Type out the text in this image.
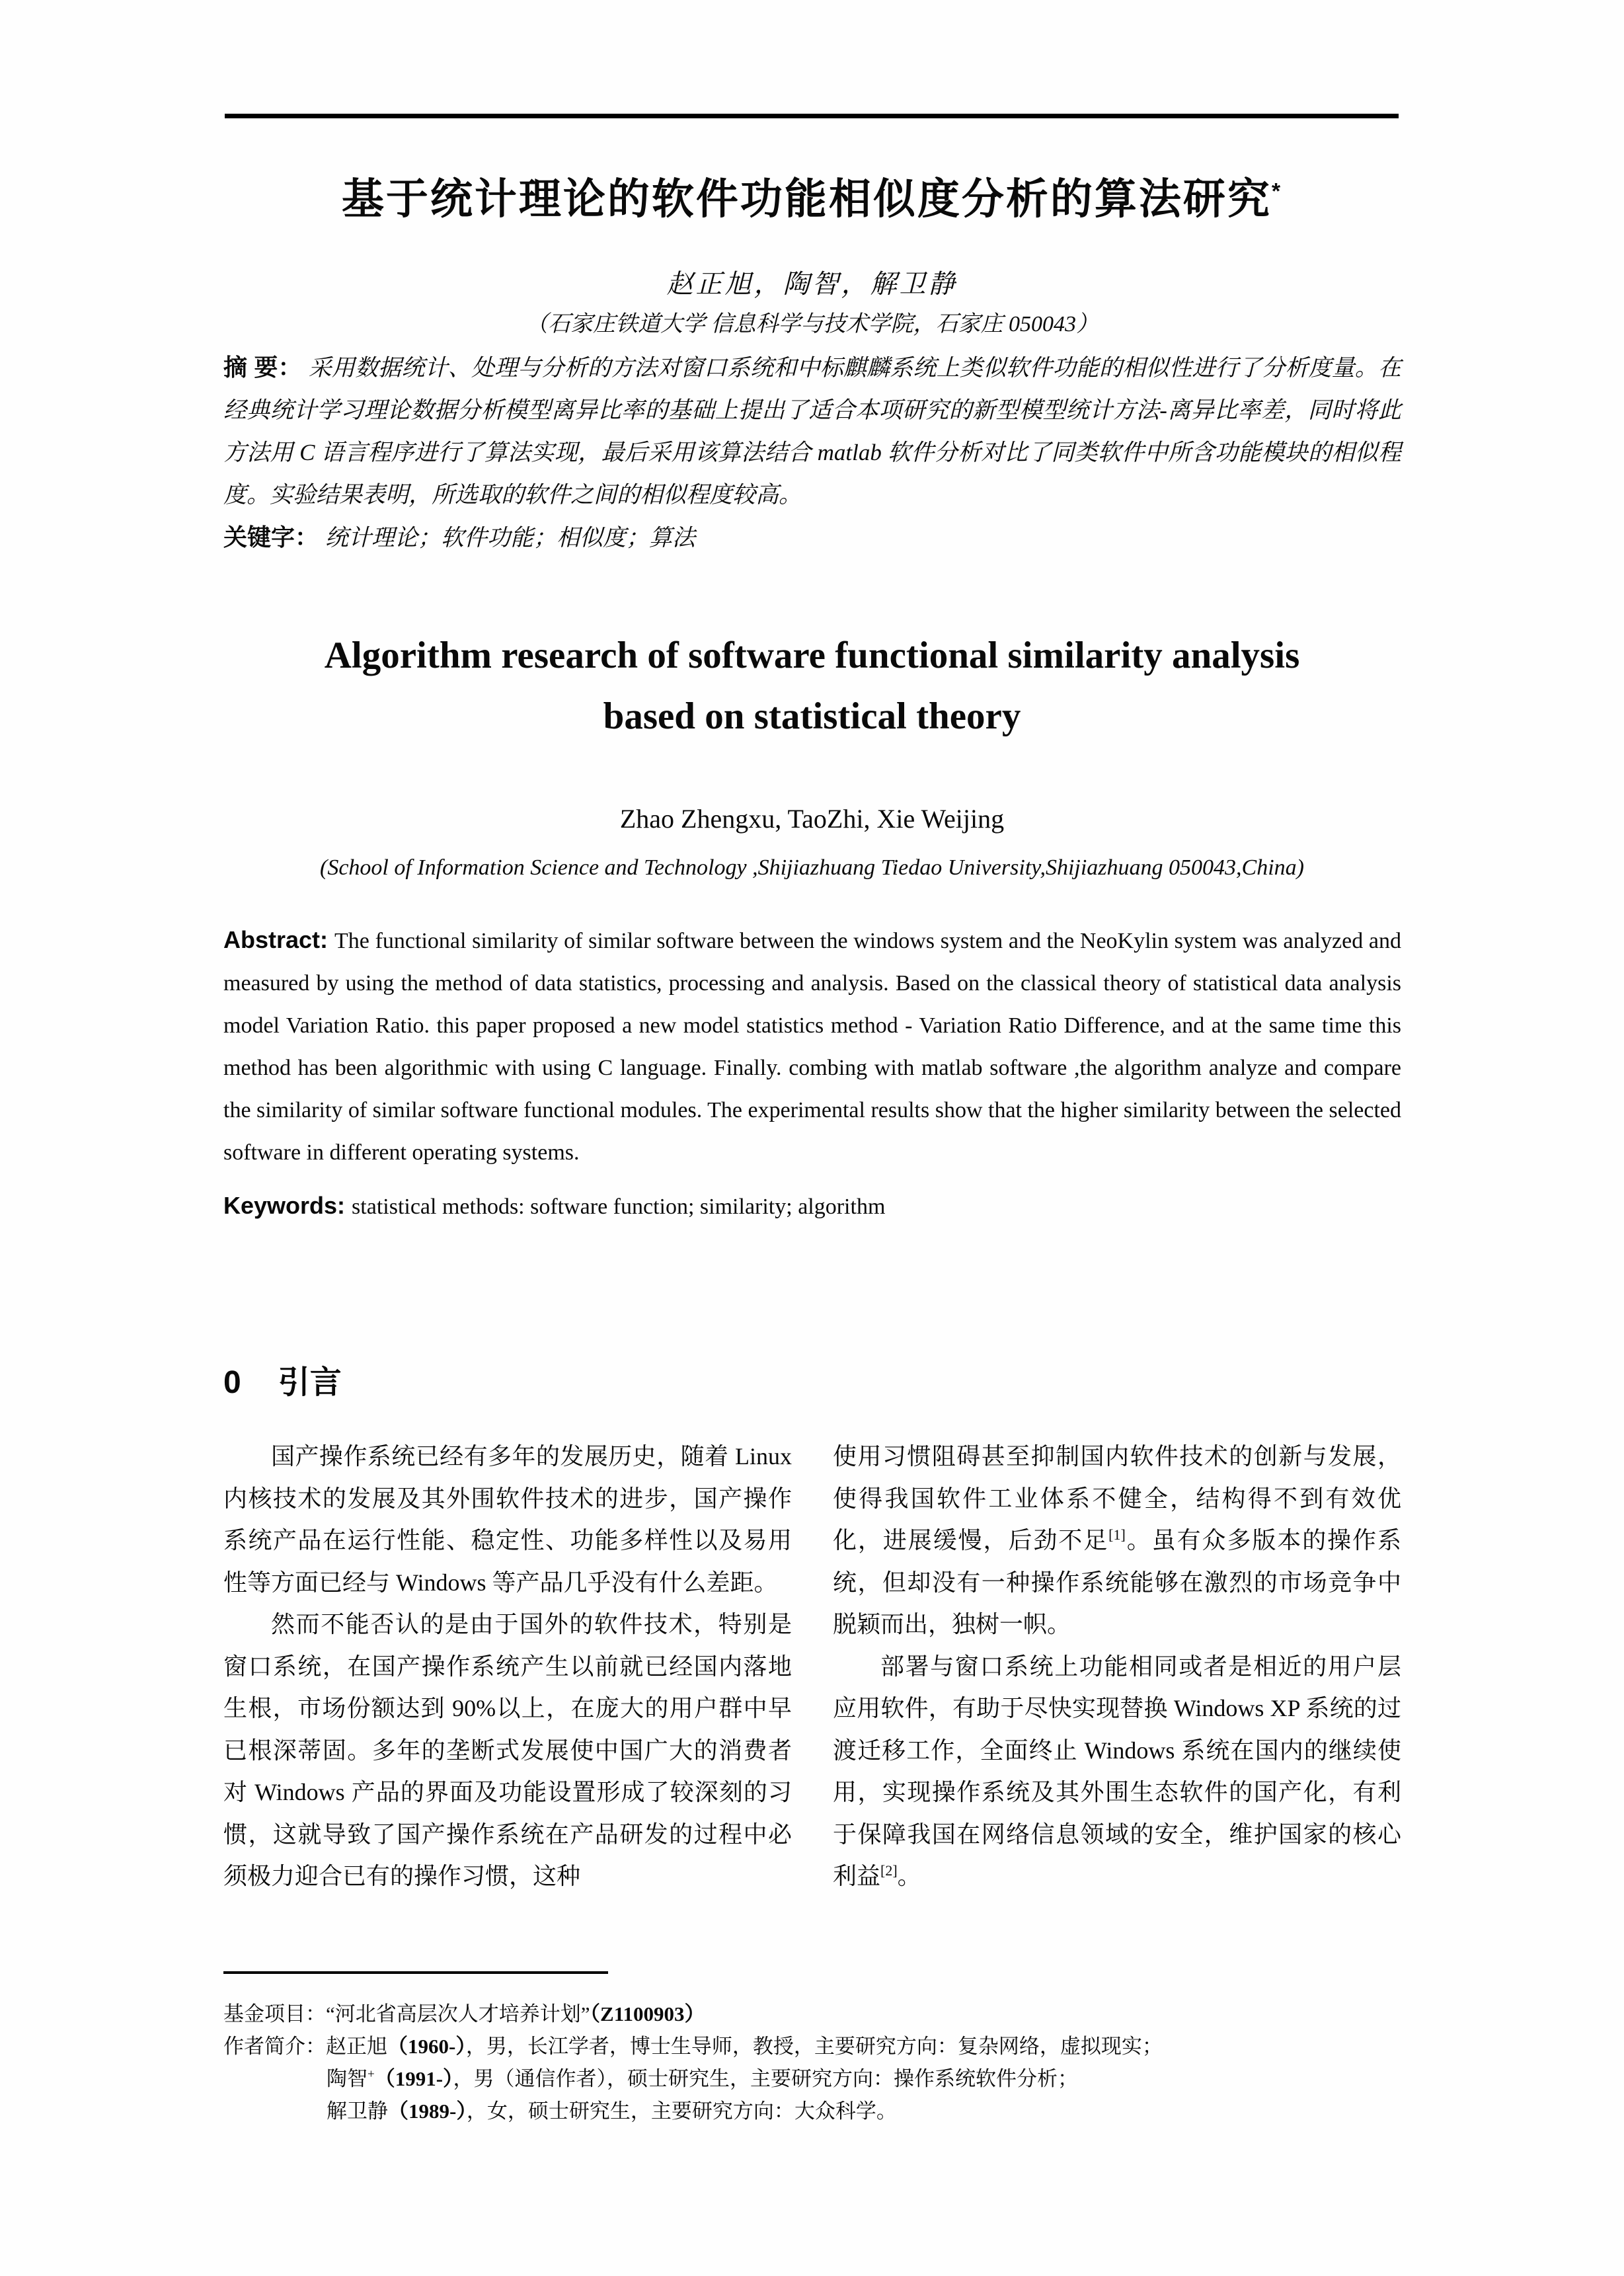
基于统计理论的软件功能相似度分析的算法研究*
赵正旭，陶智，解卫静
（石家庄铁道大学 信息科学与技术学院，石家庄 050043）

摘 要： 采用数据统计、处理与分析的方法对窗口系统和中标麒麟系统上类似软件功能的相似性进行了分析度量。在经典统计学习理论数据分析模型离异比率的基础上提出了适合本项研究的新型模型统计方法-离异比率差，同时将此方法用 C 语言程序进行了算法实现，最后采用该算法结合 matlab 软件分析对比了同类软件中所含功能模块的相似程度。实验结果表明，所选取的软件之间的相似程度较高。

关键字： 统计理论；软件功能；相似度；算法

Algorithm research of software functional similarity analysis
based on statistical theory
Zhao Zhengxu, TaoZhi, Xie Weijing
(School of Information Science and Technology ,Shijiazhuang Tiedao University,Shijiazhuang 050043,China)

Abstract: The functional similarity of similar software between the windows system and the NeoKylin system was analyzed and measured by using the method of data statistics, processing and analysis. Based on the classical theory of statistical data analysis model Variation Ratio. this paper proposed a new model statistics method - Variation Ratio Difference, and at the same time this method has been algorithmic with using C language. Finally. combing with matlab software ,the algorithm analyze and compare the similarity of similar software functional modules. The experimental results show that the higher similarity between the selected software in different operating systems.

Keywords: statistical methods: software function; similarity; algorithm

0 引言

国产操作系统已经有多年的发展历史，随着 Linux 内核技术的发展及其外围软件技术的进步，国产操作系统产品在运行性能、稳定性、功能多样性以及易用性等方面已经与 Windows 等产品几乎没有什么差距。

然而不能否认的是由于国外的软件技术，特别是窗口系统，在国产操作系统产生以前就已经国内落地生根，市场份额达到 90%以上，在庞大的用户群中早已根深蒂固。多年的垄断式发展使中国广大的消费者对 Windows 产品的界面及功能设置形成了较深刻的习惯，这就导致了国产操作系统在产品研发的过程中必须极力迎合已有的操作习惯，这种

使用习惯阻碍甚至抑制国内软件技术的创新与发展，使得我国软件工业体系不健全，结构得不到有效优化，进展缓慢，后劲不足[1]。虽有众多版本的操作系统，但却没有一种操作系统能够在激烈的市场竞争中脱颖而出，独树一帜。

部署与窗口系统上功能相同或者是相近的用户层应用软件，有助于尽快实现替换 Windows XP 系统的过渡迁移工作，全面终止 Windows 系统在国内的继续使用，实现操作系统及其外围生态软件的国产化，有利于保障我国在网络信息领域的安全，维护国家的核心利益[2]。

基金项目：“河北省高层次人才培养计划”（Z1100903）

作者简介：赵正旭（1960-），男，长江学者，博士生导师，教授，主要研究方向：复杂网络，虚拟现实；

陶智+（1991-），男（通信作者），硕士研究生，主要研究方向：操作系统软件分析；

解卫静（1989-），女，硕士研究生，主要研究方向：大众科学。
